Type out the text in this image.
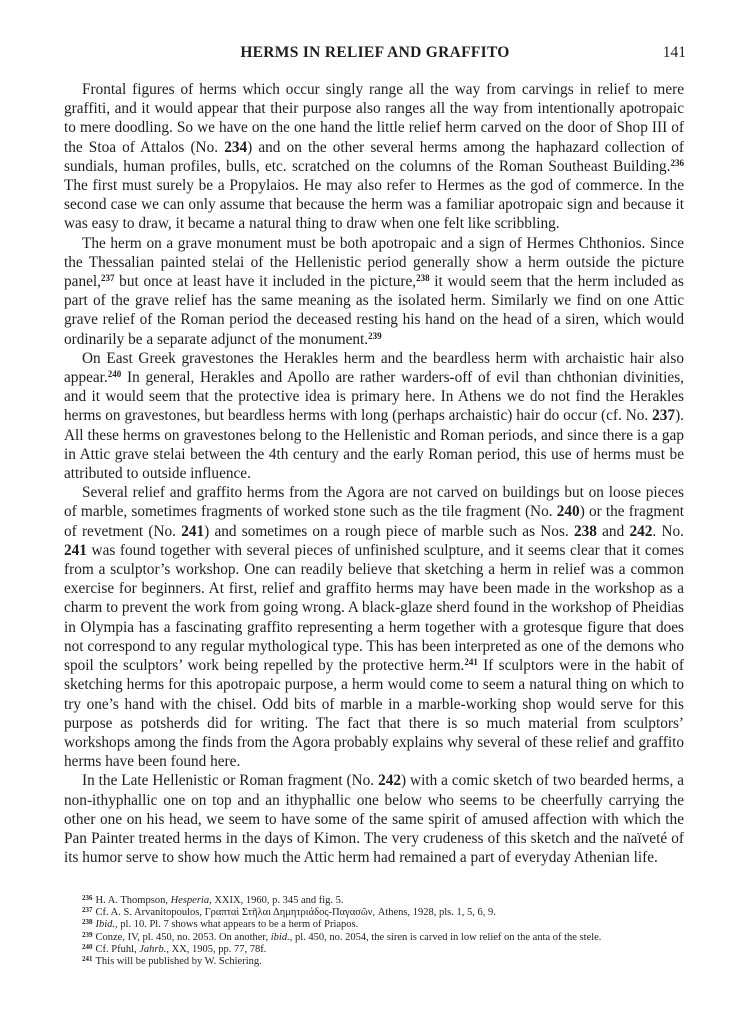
HERMS IN RELIEF AND GRAFFITO	141

Frontal figures of herms which occur singly range all the way from carvings in relief to mere graffiti, and it would appear that their purpose also ranges all the way from intentionally apotropaic to mere doodling. So we have on the one hand the little relief herm carved on the door of Shop III of the Stoa of Attalos (No. 234) and on the other several herms among the haphazard collection of sundials, human profiles, bulls, etc. scratched on the columns of the Roman Southeast Building.$^{236}$ The first must surely be a Propylaios. He may also refer to Hermes as the god of commerce. In the second case we can only assume that because the herm was a familiar apotropaic sign and because it was easy to draw, it became a natural thing to draw when one felt like scribbling.

The herm on a grave monument must be both apotropaic and a sign of Hermes Chthonios. Since the Thessalian painted stelai of the Hellenistic period generally show a herm outside the picture panel,$^{237}$ but once at least have it included in the picture,$^{238}$ it would seem that the herm included as part of the grave relief has the same meaning as the isolated herm. Similarly we find on one Attic grave relief of the Roman period the deceased resting his hand on the head of a siren, which would ordinarily be a separate adjunct of the monument.$^{239}$

On East Greek gravestones the Herakles herm and the beardless herm with archaistic hair also appear.$^{240}$ In general, Herakles and Apollo are rather warders-off of evil than chthonian divinities, and it would seem that the protective idea is primary here. In Athens we do not find the Herakles herms on gravestones, but beardless herms with long (perhaps archaistic) hair do occur (cf. No. 237). All these herms on gravestones belong to the Hellenistic and Roman periods, and since there is a gap in Attic grave stelai between the 4th century and the early Roman period, this use of herms must be attributed to outside influence.

Several relief and graffito herms from the Agora are not carved on buildings but on loose pieces of marble, sometimes fragments of worked stone such as the tile fragment (No. 240) or the fragment of revetment (No. 241) and sometimes on a rough piece of marble such as Nos. 238 and 242. No. 241 was found together with several pieces of unfinished sculpture, and it seems clear that it comes from a sculptor’s workshop. One can readily believe that sketching a herm in relief was a common exercise for beginners. At first, relief and graffito herms may have been made in the workshop as a charm to prevent the work from going wrong. A black-glaze sherd found in the workshop of Pheidias in Olympia has a fascinating graffito representing a herm together with a grotesque figure that does not correspond to any regular mythological type. This has been interpreted as one of the demons who spoil the sculptors’ work being repelled by the protective herm.$^{241}$ If sculptors were in the habit of sketching herms for this apotropaic purpose, a herm would come to seem a natural thing on which to try one’s hand with the chisel. Odd bits of marble in a marble-working shop would serve for this purpose as potsherds did for writing. The fact that there is so much material from sculptors’ workshops among the finds from the Agora probably explains why several of these relief and graffito herms have been found here.

In the Late Hellenistic or Roman fragment (No. 242) with a comic sketch of two bearded herms, a non-ithyphallic one on top and an ithyphallic one below who seems to be cheerfully carrying the other one on his head, we seem to have some of the same spirit of amused affection with which the Pan Painter treated herms in the days of Kimon. The very crudeness of this sketch and the naïveté of its humor serve to show how much the Attic herm had remained a part of everyday Athenian life.

$^{236}$ H. A. Thompson, Hesperia, XXIX, 1960, p. 345 and fig. 5.
$^{237}$ Cf. A. S. Arvanitopoulos, Γραπταὶ Στῆλαι Δημητριάδος-Παγασῶν, Athens, 1928, pls. 1, 5, 6, 9.
$^{238}$ Ibid., pl. 10. Pl. 7 shows what appears to be a herm of Priapos.
$^{239}$ Conze, IV, pl. 450, no. 2053. On another, ibid., pl. 450, no. 2054, the siren is carved in low relief on the anta of the stele.
$^{240}$ Cf. Pfuhl, Jahrb., XX, 1905, pp. 77, 78f.
$^{241}$ This will be published by W. Schiering.
